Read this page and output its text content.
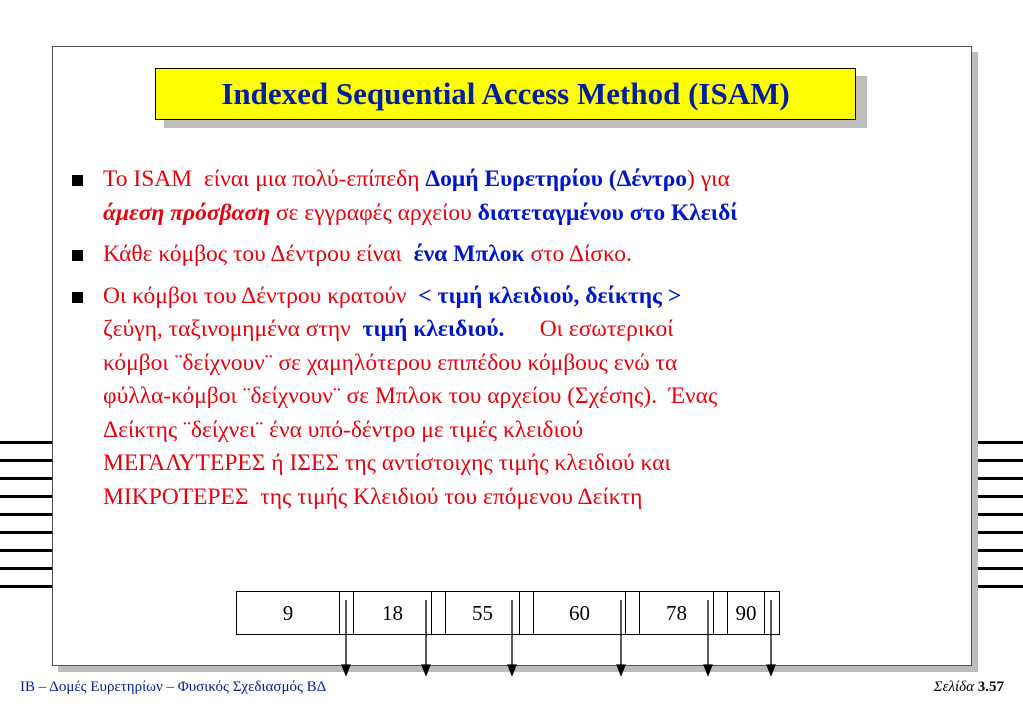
Indexed Sequential Access Method (ISAM)
Το ISAM  είναι μια πολύ-επίπεδη Δομή Ευρετηρίου (Δέντρο) για
άμεση πρόσβαση σε εγγραφές αρχείου διατεταγμένου στο Κλειδί
Κάθε κόμβος του Δέντρου είναι  ένα Μπλοκ στο Δίσκο.
Οι κόμβοι του Δέντρου κρατούν  < τιμή κλειδιού, δείκτης >
ζεύγη, ταξινομημένα στην  τιμή κλειδιού.      Οι εσωτερικοί
κόμβοι ¨δείχνουν¨ σε χαμηλότερου επιπέδου κόμβους ενώ τα
φύλλα-κόμβοι ¨δείχνουν¨ σε Μπλοκ του αρχείου (Σχέσης).  Ένας
Δείκτης ¨δείχνει¨ ένα υπό-δέντρο με τιμές κλειδιού
ΜΕΓΑΛΥΤΕΡΕΣ ή ΙΣΕΣ της αντίστοιχης τιμής κλειδιού και
ΜΙΚΡΟΤΕΡΕΣ  της τιμής Κλειδιού του επόμενου Δείκτη
9	18	55	60	78	90
ΙΒ – Δομές Ευρετηρίων – Φυσικός Σχεδιασμός ΒΔ	Σελίδα 3.57
